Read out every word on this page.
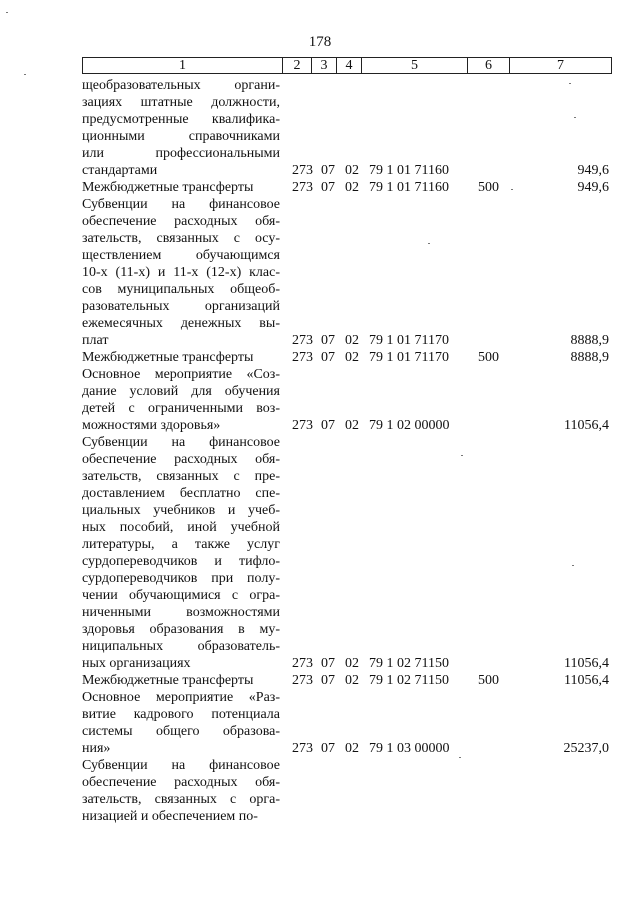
178
1	2	3	4	5	6	7
щеобразовательных органи-
зациях штатные должности,
предусмотренные квалифика-
ционными справочниками
или профессиональными
стандартами	273 07 02 79 1 01 71160	949,6
Межбюджетные трансферты	273 07 02 79 1 01 71160	500	949,6
Субвенции на финансовое
обеспечение расходных обя-
зательств, связанных с осу-
ществлением обучающимся
10-х (11-х) и 11-х (12-х) клас-
сов муниципальных общеоб-
разовательных организаций
ежемесячных денежных вы-
плат	273 07 02 79 1 01 71170	8888,9
Межбюджетные трансферты	273 07 02 79 1 01 71170	500	8888,9
Основное мероприятие «Соз-
дание условий для обучения
детей с ограниченными воз-
можностями здоровья»	273 07 02 79 1 02 00000	11056,4
Субвенции на финансовое
обеспечение расходных обя-
зательств, связанных с пре-
доставлением бесплатно спе-
циальных учебников и учеб-
ных пособий, иной учебной
литературы, а также услуг
сурдопереводчиков и тифло-
сурдопереводчиков при полу-
чении обучающимися с огра-
ниченными возможностями
здоровья образования в му-
ниципальных образователь-
ных организациях	273 07 02 79 1 02 71150	11056,4
Межбюджетные трансферты	273 07 02 79 1 02 71150	500	11056,4
Основное мероприятие «Раз-
витие кадрового потенциала
системы общего образова-
ния»	273 07 02 79 1 03 00000	25237,0
Субвенции на финансовое
обеспечение расходных обя-
зательств, связанных с орга-
низацией и обеспечением по-
